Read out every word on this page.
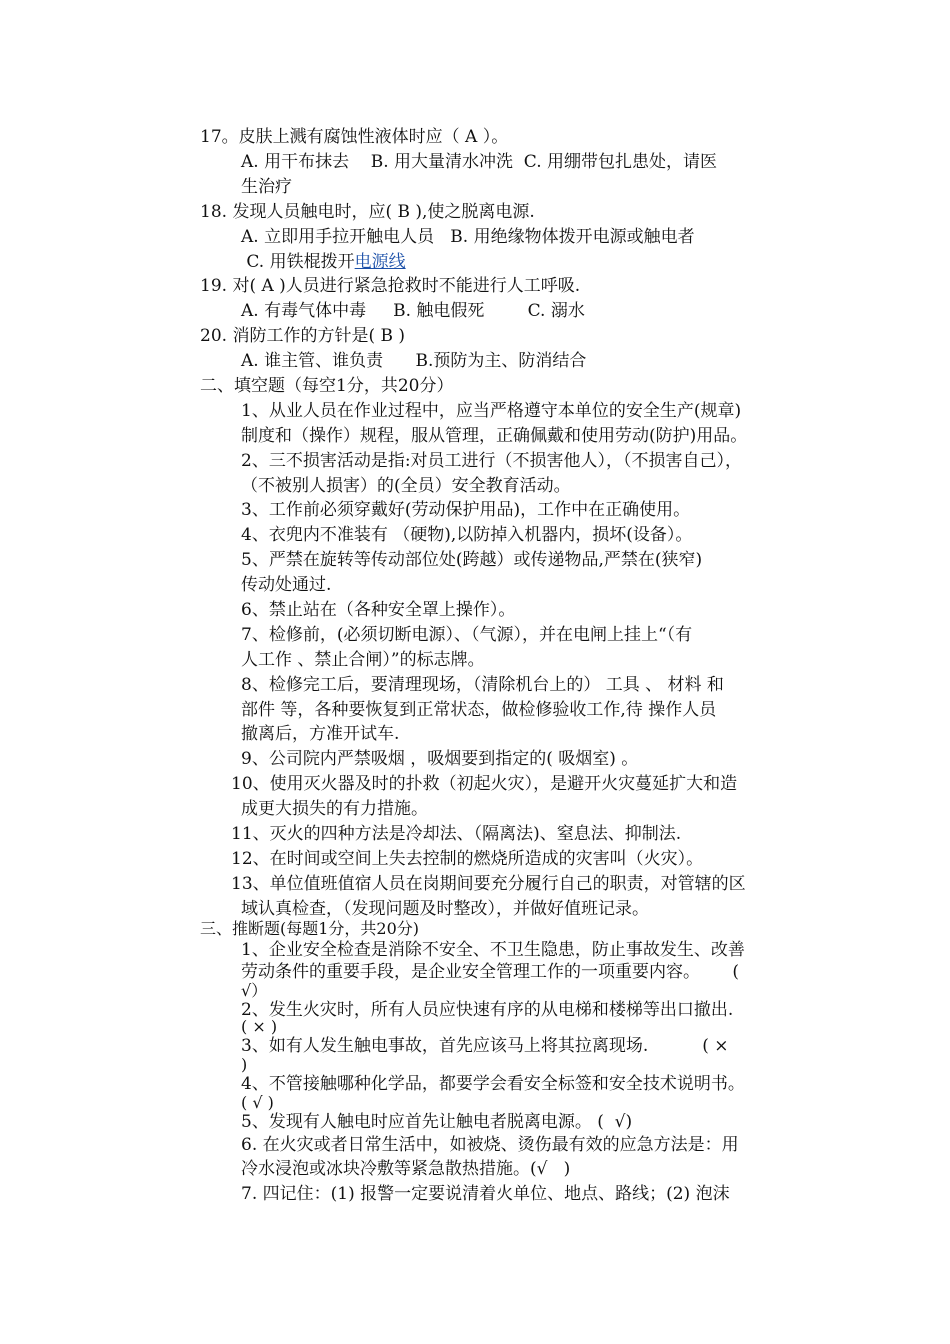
17。皮肤上溅有腐蚀性液体时应（ A ）。
A. 用干布抹去    B. 用大量清水冲洗  C. 用绷带包扎患处，请医
生治疗
18. 发现人员触电时，应( B ),使之脱离电源.
A. 立即用手拉开触电人员   B. 用绝缘物体拨开电源或触电者
C. 用铁棍拨开电源线
19. 对( A )人员进行紧急抢救时不能进行人工呼吸.
A. 有毒气体中毒     B. 触电假死        C. 溺水
20. 消防工作的方针是( B )
A. 谁主管、谁负责      B.预防为主、防消结合
二、填空题（每空1分，共20分）
1、从业人员在作业过程中，应当严格遵守本单位的安全生产(规章)
制度和（操作）规程，服从管理，正确佩戴和使用劳动(防护)用品。
2、三不损害活动是指:对员工进行（不损害他人），（不损害自己），
（不被别人损害）的(全员）安全教育活动。
3、工作前必须穿戴好(劳动保护用品)，工作中在正确使用。
4、衣兜内不准装有 （硬物),以防掉入机器内，损坏(设备）。
5、严禁在旋转等传动部位处(跨越）或传递物品,严禁在(狭窄)
传动处通过.
6、禁止站在（各种安全罩上操作）。
7、检修前，(必须切断电源）、（气源），并在电闸上挂上“（有
人工作 、禁止合闸）”的标志牌。
8、检修完工后，要清理现场，（清除机台上的） 工具 、 材料 和
部件 等，各种要恢复到正常状态，做检修验收工作,待 操作人员
撤离后，方准开试车.
9、公司院内严禁吸烟 ，吸烟要到指定的( 吸烟室) 。
10、使用灭火器及时的扑救（初起火灾），是避开火灾蔓延扩大和造
成更大损失的有力措施。
11、灭火的四种方法是冷却法、（隔离法)、窒息法、抑制法.
12、在时间或空间上失去控制的燃烧所造成的灾害叫（火灾）。
13、单位值班值宿人员在岗期间要充分履行自己的职责，对管辖的区
域认真检查，（发现问题及时整改），并做好值班记录。
三、推断题(每题1分，共20分)
1、企业安全检查是消除不安全、不卫生隐患，防止事故发生、改善
劳动条件的重要手段，是企业安全管理工作的一项重要内容。      (
√）
2、发生火灾时，所有人员应快速有序的从电梯和楼梯等出口撤出.
( × )
3、如有人发生触电事故，首先应该马上将其拉离现场.          ( ×
)
4、不管接触哪种化学品，都要学会看安全标签和安全技术说明书。
( √ )
5、发现有人触电时应首先让触电者脱离电源。 (  √)
6. 在火灾或者日常生活中，如被烧、烫伤最有效的应急方法是：用
冷水浸泡或冰块冷敷等紧急散热措施。(√   )
7. 四记住：(1) 报警一定要说清着火单位、地点、路线；(2) 泡沫
